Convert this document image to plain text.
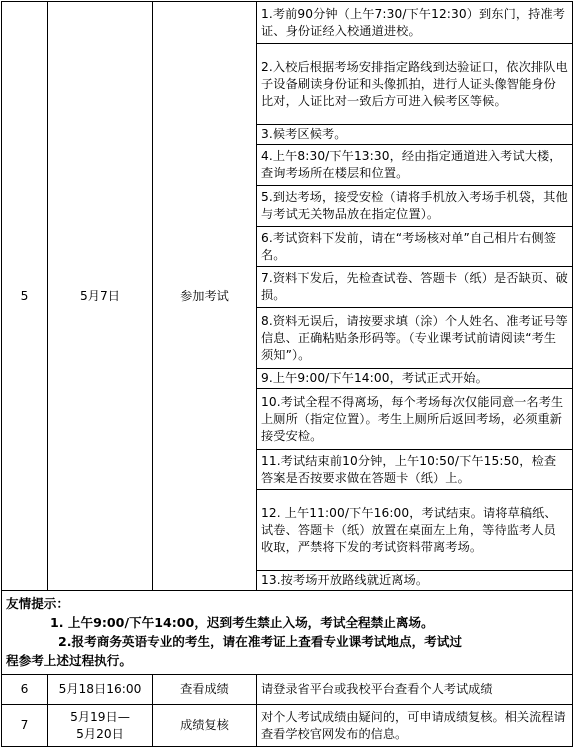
5	5月7日	参加考试	1.考前90分钟（上午7:30/下午12:30）到东门，持准考证、身份证经入校通道进校。
			2.入校后根据考场安排指定路线到达验证口，依次排队电子设备刷读身份证和头像抓拍，进行人证头像智能身份比对，人证比对一致后方可进入候考区等候。
			3.候考区候考。
			4.上午8:30/下午13:30，经由指定通道进入考试大楼，查询考场所在楼层和位置。
			5.到达考场，接受安检（请将手机放入考场手机袋，其他与考试无关物品放在指定位置）。
			6.考试资料下发前，请在“考场核对单”自己相片右侧签名。
			7.资料下发后，先检查试卷、答题卡（纸）是否缺页、破损。
			8.资料无误后，请按要求填（涂）个人姓名、准考证号等信息、正确粘贴条形码等。（专业课考试前请阅读“考生须知”）。
			9.上午9:00/下午14:00，考试正式开始。
			10.考试全程不得离场，每个考场每次仅能同意一名考生上厕所（指定位置）。考生上厕所后返回考场，必须重新接受安检。
			11.考试结束前10分钟，上午10:50/下午15:50，检查答案是否按要求做在答题卡（纸）上。
			12. 上午11:00/下午16:00，考试结束。请将草稿纸、试卷、答题卡（纸）放置在桌面左上角，等待监考人员收取，严禁将下发的考试资料带离考场。
			13.按考场开放路线就近离场。

友情提示：
1. 上午9:00/下午14:00，迟到考生禁止入场，考试全程禁止离场。
2.报考商务英语专业的考生，请在准考证上查看专业课考试地点，考试过
程参考上述过程执行。			

6	5月18日16:00	查看成绩	请登录省平台或我校平台查看个人考试成绩
7	5月19日—
5月20日	成绩复核	对个人考试成绩由疑问的，可申请成绩复核。相关流程请查看学校官网发布的信息。
